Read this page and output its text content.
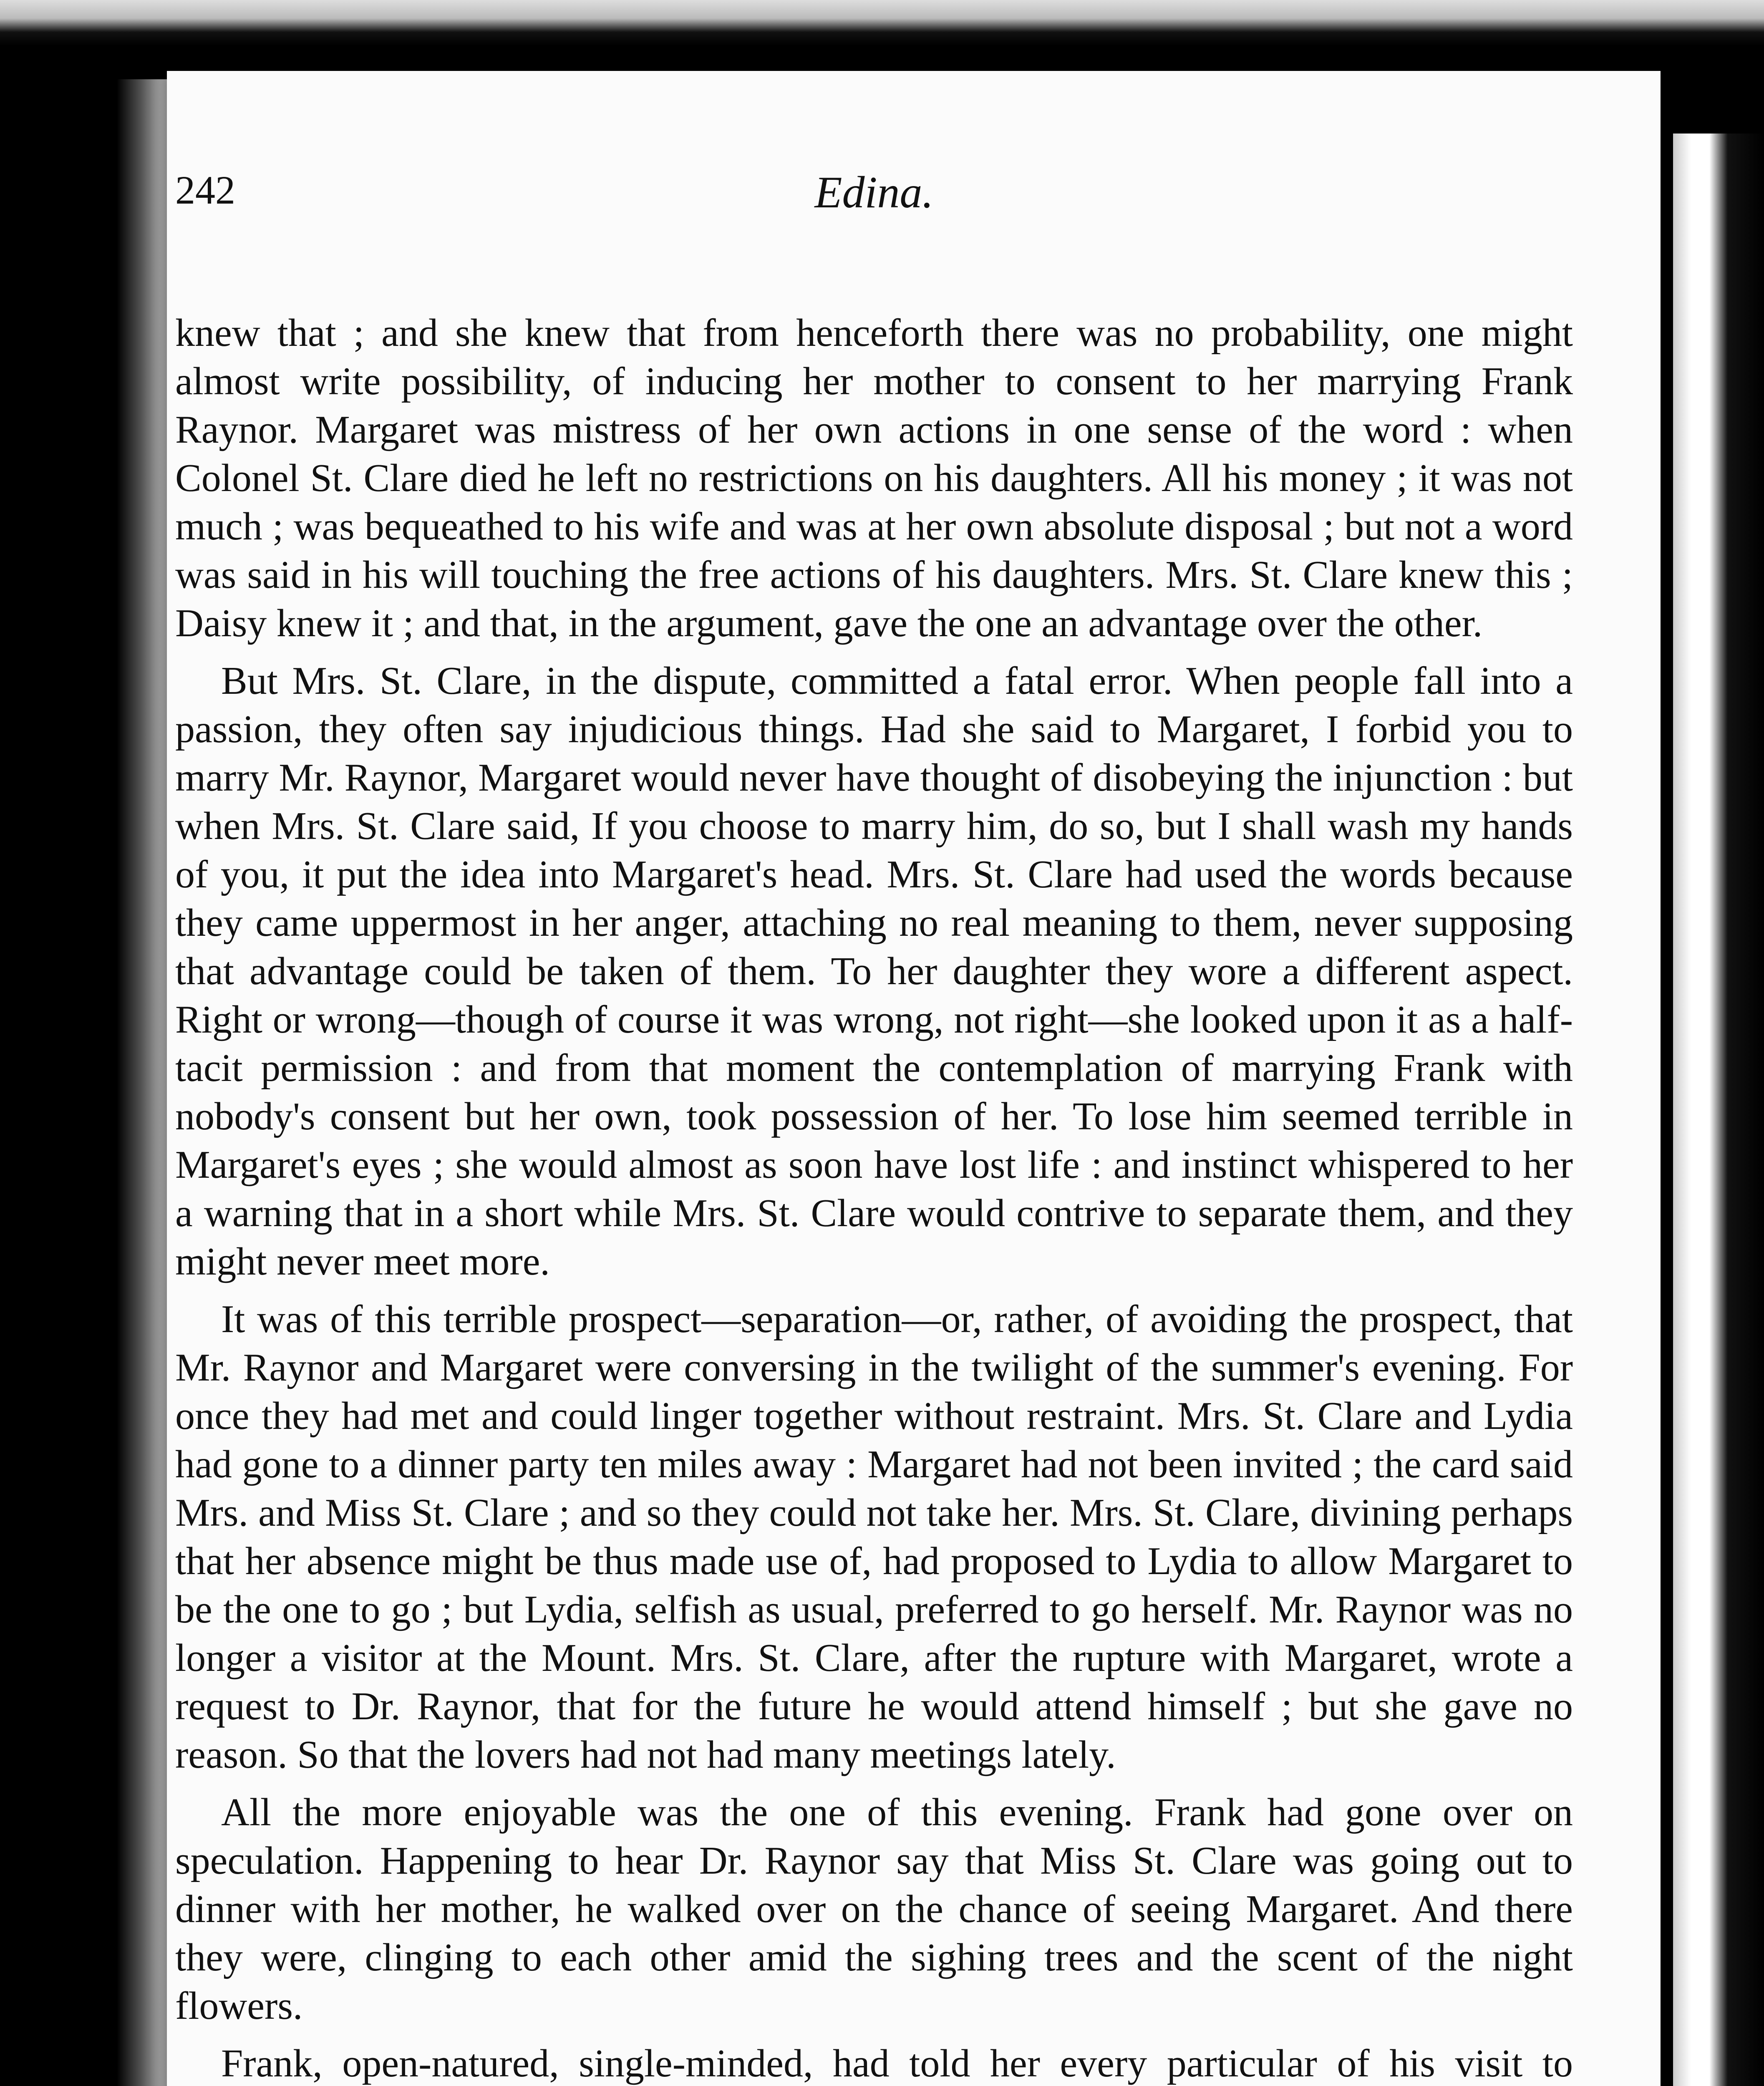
242	Edina.

knew that ; and she knew that from henceforth there was no probability, one might almost write possibility, of inducing her mother to consent to her marrying Frank Raynor. Margaret was mistress of her own actions in one sense of the word : when Colonel St. Clare died he left no restrictions on his daughters. All his money ; it was not much ; was bequeathed to his wife and was at her own absolute disposal ; but not a word was said in his will touching the free actions of his daughters. Mrs. St. Clare knew this ; Daisy knew it ; and that, in the argument, gave the one an advantage over the other.

But Mrs. St. Clare, in the dispute, committed a fatal error. When people fall into a passion, they often say injudicious things. Had she said to Margaret, I forbid you to marry Mr. Raynor, Margaret would never have thought of disobeying the injunction : but when Mrs. St. Clare said, If you choose to marry him, do so, but I shall wash my hands of you, it put the idea into Margaret's head. Mrs. St. Clare had used the words because they came uppermost in her anger, attaching no real meaning to them, never supposing that advantage could be taken of them. To her daughter they wore a different aspect. Right or wrong—though of course it was wrong, not right—she looked upon it as a half-tacit permission : and from that moment the contemplation of marrying Frank with nobody's consent but her own, took possession of her. To lose him seemed terrible in Margaret's eyes ; she would almost as soon have lost life : and instinct whispered to her a warning that in a short while Mrs. St. Clare would contrive to separate them, and they might never meet more.

It was of this terrible prospect—separation—or, rather, of avoiding the prospect, that Mr. Raynor and Margaret were conversing in the twilight of the summer's evening. For once they had met and could linger together without restraint. Mrs. St. Clare and Lydia had gone to a dinner party ten miles away : Margaret had not been invited ; the card said Mrs. and Miss St. Clare ; and so they could not take her. Mrs. St. Clare, divining perhaps that her absence might be thus made use of, had proposed to Lydia to allow Margaret to be the one to go ; but Lydia, selfish as usual, preferred to go herself. Mr. Raynor was no longer a visitor at the Mount. Mrs. St. Clare, after the rupture with Margaret, wrote a request to Dr. Raynor, that for the future he would attend himself ; but she gave no reason. So that the lovers had not had many meetings lately.

All the more enjoyable was the one of this evening. Frank had gone over on speculation. Happening to hear Dr. Raynor say that Miss St. Clare was going out to dinner with her mother, he walked over on the chance of seeing Margaret. And there they were, clinging to each other amid the sighing trees and the scent of the night flowers.

Frank, open-natured, single-minded, had told her every particular of his visit to
